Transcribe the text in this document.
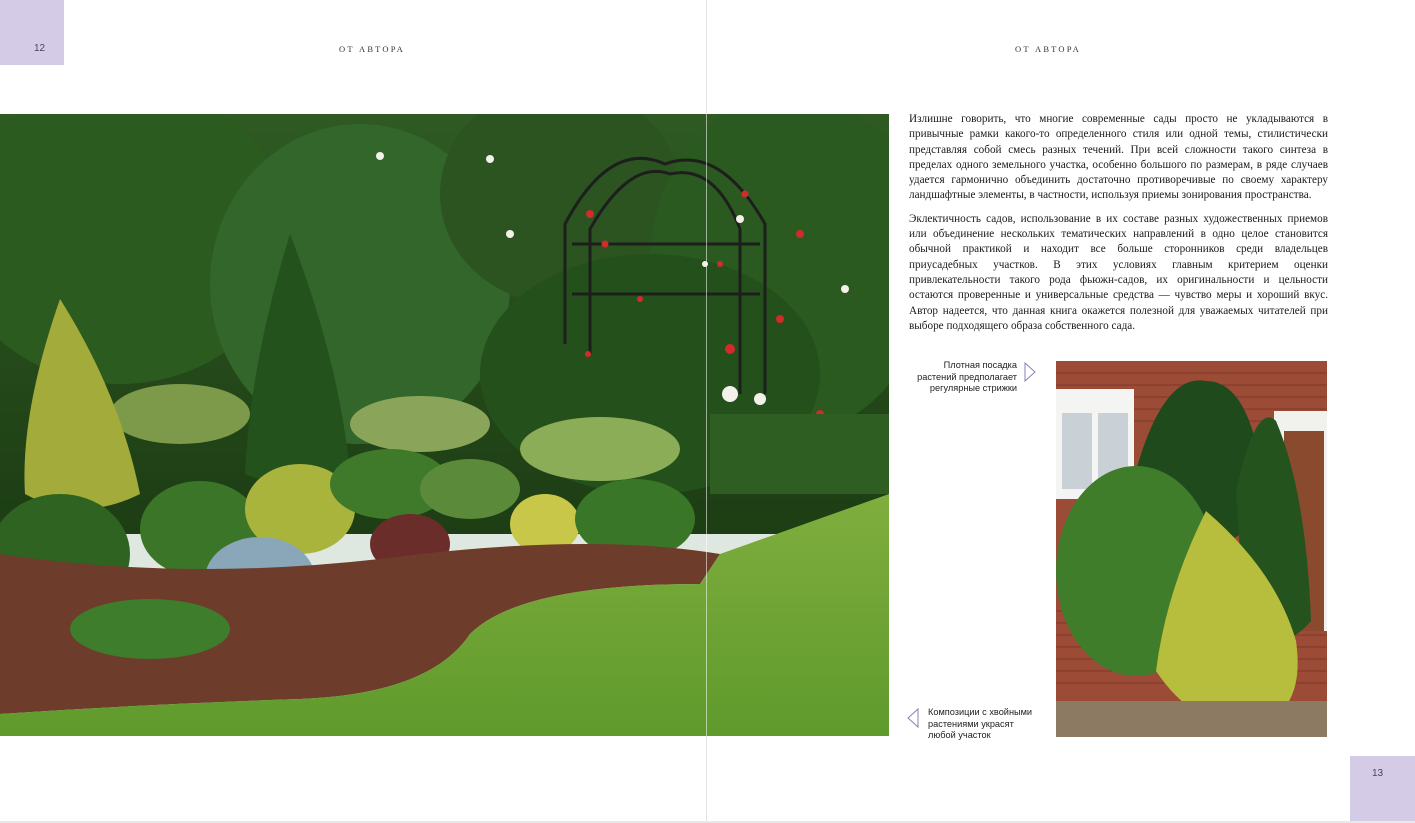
12	ОТ АВТОРА	ОТ АВТОРА

Излишне говорить, что многие современные сады просто не укладываются в привычные рамки какого-то определенного стиля или одной темы, стилистически представляя собой смесь разных течений. При всей сложности такого синтеза в пределах одного земельного участка, особенно большого по размерам, в ряде случаев удается гармонично объединить достаточно противоречивые по своему характеру ландшафтные элементы, в частности, используя приемы зонирования пространства.

Эклектичность садов, использование в их составе разных художественных приемов или объединение нескольких тематических направлений в одно целое становится обычной практикой и находит все больше сторонников среди владельцев приусадебных участков. В этих условиях главным критерием оценки привлекательности такого рода фьюжн-садов, их оригинальности и цельности остаются проверенные и универсальные средства — чувство меры и хороший вкус. Автор надеется, что данная книга окажется полезной для уважаемых читателей при выборе подходящего образа собственного сада.

Плотная посадка растений предполагает регулярные стрижки
Композиции с хвойными растениями украсят любой участок
13
